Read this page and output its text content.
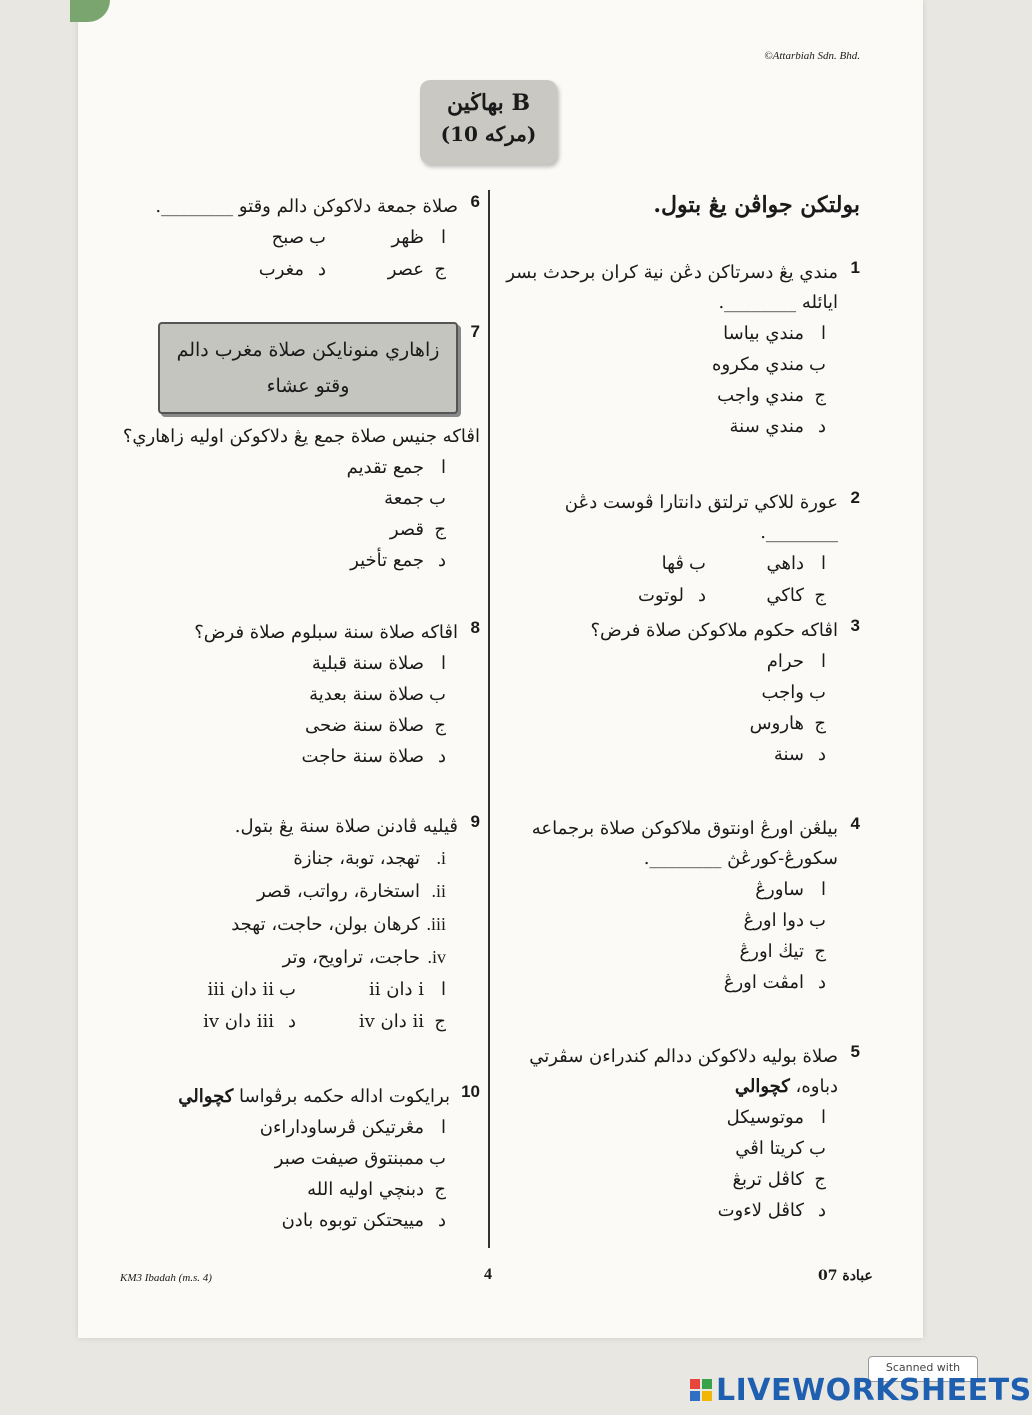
©Attarbiah Sdn. Bhd.
بهاڬين B
(10 مركه)
بولتكن جواڤن يڠ بتول.
1
مندي يڠ دسرتاكن دڠن نية كران برحدث بسر ايائله ________.
امندي بياسا
بمندي مكروه
جمندي واجب
دمندي سنة
2
عورة للاكي ترلتق دانتارا ڤوست دڠن ________.
اداهيبڤها
جكاكيدلوتوت
3
اڤاكه حكوم ملاكوكن صلاة فرض؟
احرام
بواجب
جهاروس
دسنة
4
بيلڠن اورڠ اونتوق ملاكوكن صلاة برجماعه سكورڠ-كورڠڽ ________.
اساورڠ
بدوا اورڠ
جتيڬ اورڠ
دامڤت اورڠ
5
صلاة بوليه دلاكوكن ددالم كندراءن سڤرتي دباوه، كچوالي
اموتوسيكل
بكريتا اڤي
جكاڤل تربڠ
دكاڤل لاءوت
6
صلاة جمعة دلاكوكن دالم وقتو ________.
اظهربصبح
جعصردمغرب
7
زاهاري منونايكن صلاة مغرب دالم
وقتو عشاء
اڤاكه جنيس صلاة جمع يڠ دلاكوكن اوليه زاهاري؟
اجمع تقديم
بجمعة
جقصر
دجمع تأخير
8
اڤاكه صلاة سنة سبلوم صلاة فرض؟
اصلاة سنة قبلية
بصلاة سنة بعدية
جصلاة سنة ضحى
دصلاة سنة حاجت
9
ڤيليه ڤادنن صلاة سنة يڠ بتول.
i.تهجد، توبة، جنازة
ii.استخارة، رواتب، قصر
iii.كرهان بولن، حاجت، تهجد
iv.حاجت، تراويح، وتر
اi دان iiبii دان iii
جii دان ivدiii دان iv
10
برايكوت اداله حكمه برڤواسا كچوالي
امڠرتيكن ڤرساوداراءن
بممبنتوق صيفت صبر
جدبنچي اوليه الله
دمييحتكن توبوه بادن
KM3 Ibadah (m.s. 4)	4	عبادة 07
Scanned with
LIVEWORKSHEETS
